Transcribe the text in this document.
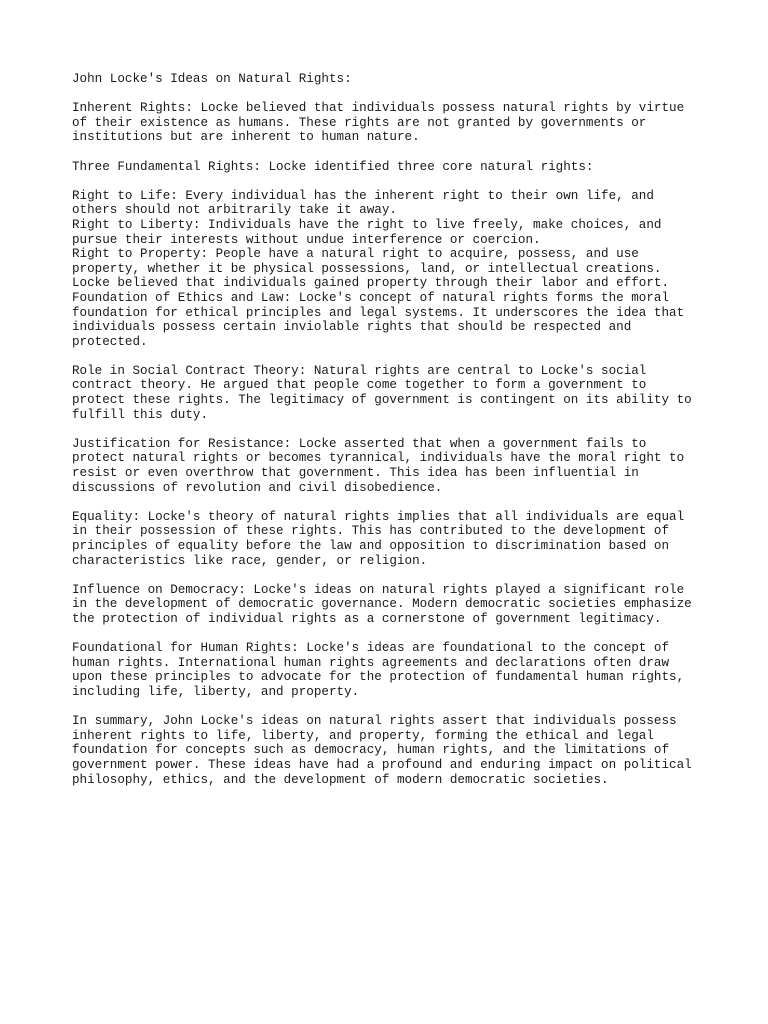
John Locke's Ideas on Natural Rights:

Inherent Rights: Locke believed that individuals possess natural rights by virtue
of their existence as humans. These rights are not granted by governments or
institutions but are inherent to human nature.

Three Fundamental Rights: Locke identified three core natural rights:

Right to Life: Every individual has the inherent right to their own life, and
others should not arbitrarily take it away.
Right to Liberty: Individuals have the right to live freely, make choices, and
pursue their interests without undue interference or coercion.
Right to Property: People have a natural right to acquire, possess, and use
property, whether it be physical possessions, land, or intellectual creations.
Locke believed that individuals gained property through their labor and effort.
Foundation of Ethics and Law: Locke's concept of natural rights forms the moral
foundation for ethical principles and legal systems. It underscores the idea that
individuals possess certain inviolable rights that should be respected and
protected.

Role in Social Contract Theory: Natural rights are central to Locke's social
contract theory. He argued that people come together to form a government to
protect these rights. The legitimacy of government is contingent on its ability to
fulfill this duty.

Justification for Resistance: Locke asserted that when a government fails to
protect natural rights or becomes tyrannical, individuals have the moral right to
resist or even overthrow that government. This idea has been influential in
discussions of revolution and civil disobedience.

Equality: Locke's theory of natural rights implies that all individuals are equal
in their possession of these rights. This has contributed to the development of
principles of equality before the law and opposition to discrimination based on
characteristics like race, gender, or religion.

Influence on Democracy: Locke's ideas on natural rights played a significant role
in the development of democratic governance. Modern democratic societies emphasize
the protection of individual rights as a cornerstone of government legitimacy.

Foundational for Human Rights: Locke's ideas are foundational to the concept of
human rights. International human rights agreements and declarations often draw
upon these principles to advocate for the protection of fundamental human rights,
including life, liberty, and property.

In summary, John Locke's ideas on natural rights assert that individuals possess
inherent rights to life, liberty, and property, forming the ethical and legal
foundation for concepts such as democracy, human rights, and the limitations of
government power. These ideas have had a profound and enduring impact on political
philosophy, ethics, and the development of modern democratic societies.
